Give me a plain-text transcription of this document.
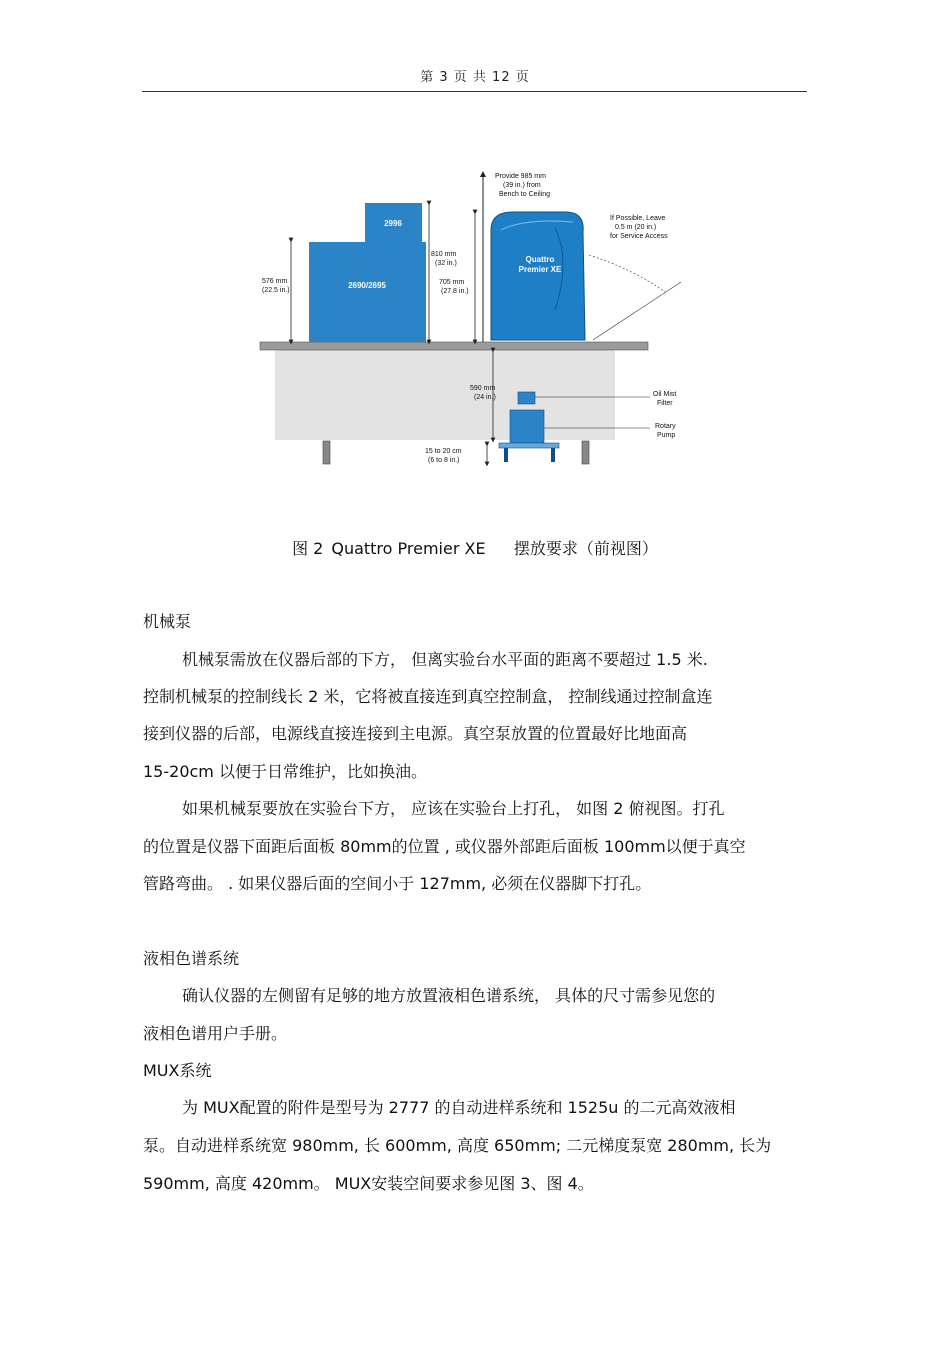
第 3 页 共 12 页
2690/2695
2996
Quattro
Premier XE
If Possible, Leave
0.5 m (20 in.)
for Service Access
Provide 985 mm
(39 in.) from
Bench to Ceiling
576 mm
(22.5 in.)
810 mm
(32 in.)
705 mm
(27.8 in.)
590 mm
(24 in.)	Oil Mist
Filter
Rotary
Pump
15 to 20 cm
(6 to 8 in.)
图 2 Quattro Premier XE 摆放要求（前视图）
机械泵
机械泵需放在仪器后部的下方， 但离实验台水平面的距离不要超过 1.5 米.
控制机械泵的控制线长 2 米，它将被直接连到真空控制盒， 控制线通过控制盒连
接到仪器的后部，电源线直接连接到主电源。真空泵放置的位置最好比地面高
15-20cm 以便于日常维护，比如换油。
如果机械泵要放在实验台下方， 应该在实验台上打孔， 如图 2 俯视图。打孔
的位置是仪器下面距后面板 80mm的位置 , 或仪器外部距后面板 100mm以便于真空
管路弯曲。 . 如果仪器后面的空间小于 127mm, 必须在仪器脚下打孔。
液相色谱系统
确认仪器的左侧留有足够的地方放置液相色谱系统， 具体的尺寸需参见您的
液相色谱用户手册。
MUX系统
为 MUX配置的附件是型号为 2777 的自动进样系统和 1525u 的二元高效液相
泵。自动进样系统宽 980mm, 长 600mm, 高度 650mm; 二元梯度泵宽 280mm, 长为
590mm, 高度 420mm。 MUX安装空间要求参见图 3、图 4。
